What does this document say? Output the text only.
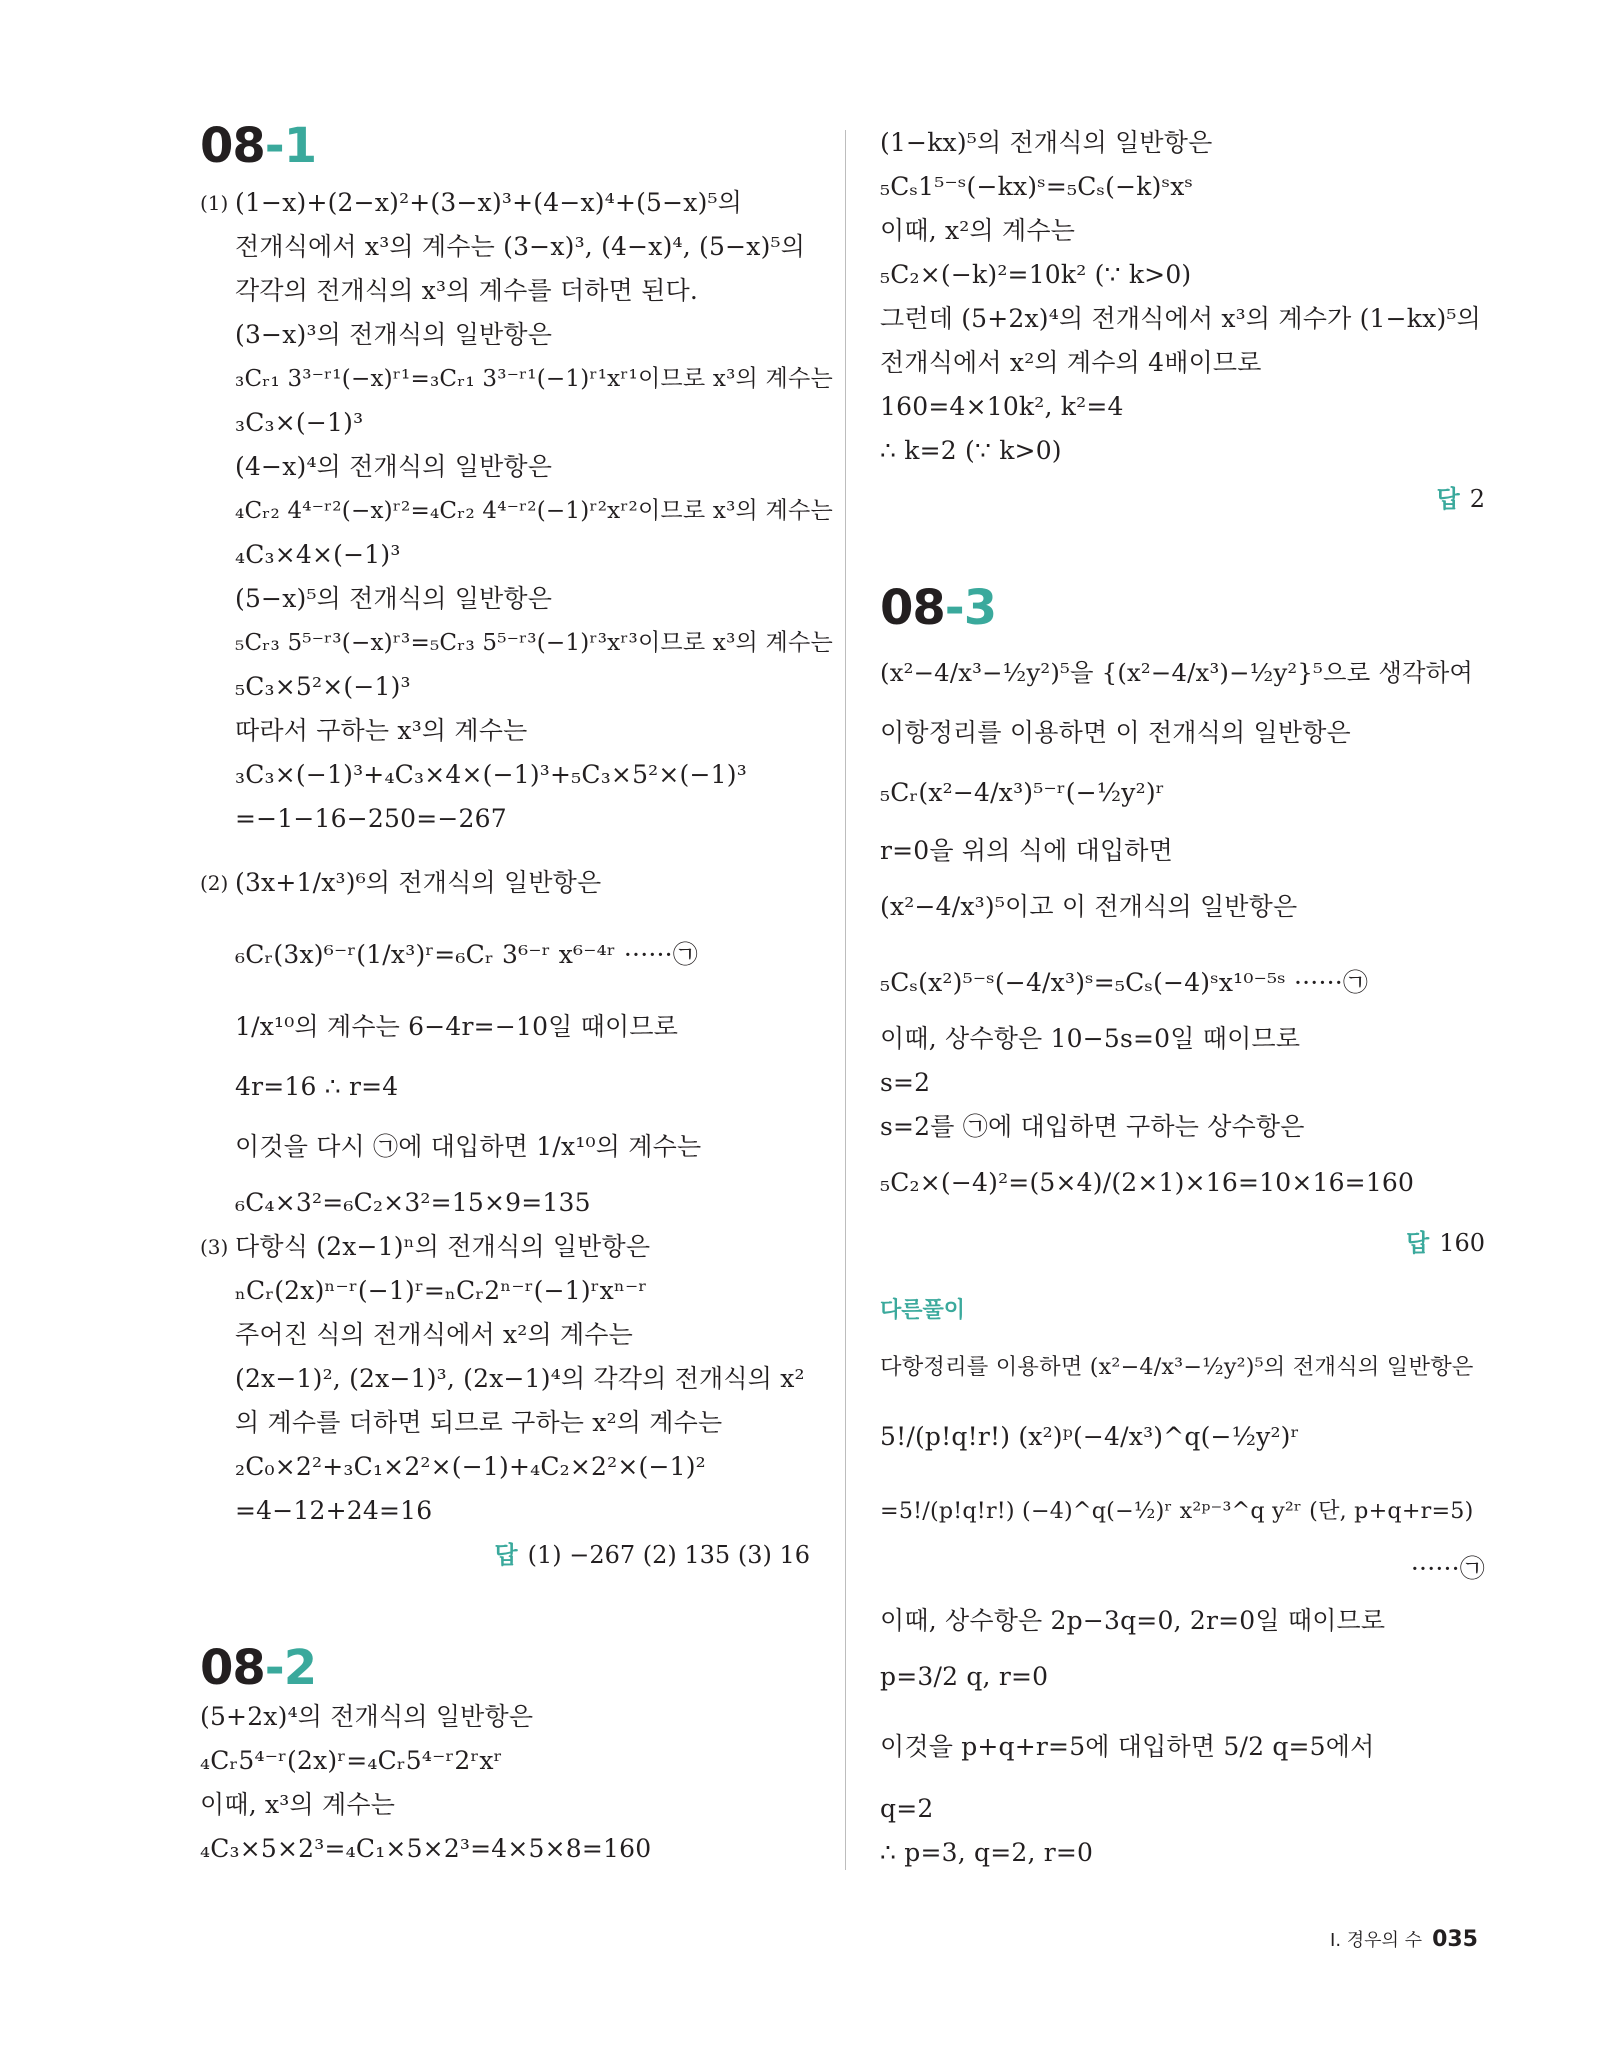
08-1
(1) (1−x)+(2−x)²+(3−x)³+(4−x)⁴+(5−x)⁵의
전개식에서 x³의 계수는 (3−x)³, (4−x)⁴, (5−x)⁵의
각각의 전개식의 x³의 계수를 더하면 된다.
(3−x)³의 전개식의 일반항은
₃Cᵣ₁ 3³⁻ʳ¹(−x)ʳ¹=₃Cᵣ₁ 3³⁻ʳ¹(−1)ʳ¹xʳ¹이므로 x³의 계수는
₃C₃×(−1)³
(4−x)⁴의 전개식의 일반항은
₄Cᵣ₂ 4⁴⁻ʳ²(−x)ʳ²=₄Cᵣ₂ 4⁴⁻ʳ²(−1)ʳ²xʳ²이므로 x³의 계수는
₄C₃×4×(−1)³
(5−x)⁵의 전개식의 일반항은
₅Cᵣ₃ 5⁵⁻ʳ³(−x)ʳ³=₅Cᵣ₃ 5⁵⁻ʳ³(−1)ʳ³xʳ³이므로 x³의 계수는
₅C₃×5²×(−1)³
따라서 구하는 x³의 계수는
₃C₃×(−1)³+₄C₃×4×(−1)³+₅C₃×5²×(−1)³
=−1−16−250=−267
(2) (3x+1/x³)⁶의 전개식의 일반항은
₆Cᵣ(3x)⁶⁻ʳ(1/x³)ʳ=₆Cᵣ 3⁶⁻ʳ x⁶⁻⁴ʳ ······㉠
1/x¹⁰의 계수는 6−4r=−10일 때이므로
4r=16 ∴ r=4
이것을 다시 ㉠에 대입하면 1/x¹⁰의 계수는
₆C₄×3²=₆C₂×3²=15×9=135
(3) 다항식 (2x−1)ⁿ의 전개식의 일반항은
ₙCᵣ(2x)ⁿ⁻ʳ(−1)ʳ=ₙCᵣ2ⁿ⁻ʳ(−1)ʳxⁿ⁻ʳ
주어진 식의 전개식에서 x²의 계수는
(2x−1)², (2x−1)³, (2x−1)⁴의 각각의 전개식의 x²
의 계수를 더하면 되므로 구하는 x²의 계수는
₂C₀×2²+₃C₁×2²×(−1)+₄C₂×2²×(−1)²
=4−12+24=16
답 (1) −267 (2) 135 (3) 16
08-2
(5+2x)⁴의 전개식의 일반항은
₄Cᵣ5⁴⁻ʳ(2x)ʳ=₄Cᵣ5⁴⁻ʳ2ʳxʳ
이때, x³의 계수는
₄C₃×5×2³=₄C₁×5×2³=4×5×8=160
(1−kx)⁵의 전개식의 일반항은
₅Cₛ1⁵⁻ˢ(−kx)ˢ=₅Cₛ(−k)ˢxˢ
이때, x²의 계수는
₅C₂×(−k)²=10k² (∵ k>0)
그런데 (5+2x)⁴의 전개식에서 x³의 계수가 (1−kx)⁵의
전개식에서 x²의 계수의 4배이므로
160=4×10k², k²=4
∴ k=2 (∵ k>0)
답 2
08-3
(x²−4/x³−½y²)⁵을 {(x²−4/x³)−½y²}⁵으로 생각하여
이항정리를 이용하면 이 전개식의 일반항은
₅Cᵣ(x²−4/x³)⁵⁻ʳ(−½y²)ʳ
r=0을 위의 식에 대입하면
(x²−4/x³)⁵이고 이 전개식의 일반항은
₅Cₛ(x²)⁵⁻ˢ(−4/x³)ˢ=₅Cₛ(−4)ˢx¹⁰⁻⁵ˢ ······㉠
이때, 상수항은 10−5s=0일 때이므로
s=2
s=2를 ㉠에 대입하면 구하는 상수항은
₅C₂×(−4)²=(5×4)/(2×1)×16=10×16=160
답 160
다른풀이
다항정리를 이용하면 (x²−4/x³−½y²)⁵의 전개식의 일반항은
5!/(p!q!r!) (x²)ᵖ(−4/x³)^q(−½y²)ʳ
=5!/(p!q!r!) (−4)^q(−½)ʳ x²ᵖ⁻³^q y²ʳ (단, p+q+r=5)
······㉠
이때, 상수항은 2p−3q=0, 2r=0일 때이므로
p=3/2 q, r=0
이것을 p+q+r=5에 대입하면 5/2 q=5에서
q=2
∴ p=3, q=2, r=0
I. 경우의 수 035
